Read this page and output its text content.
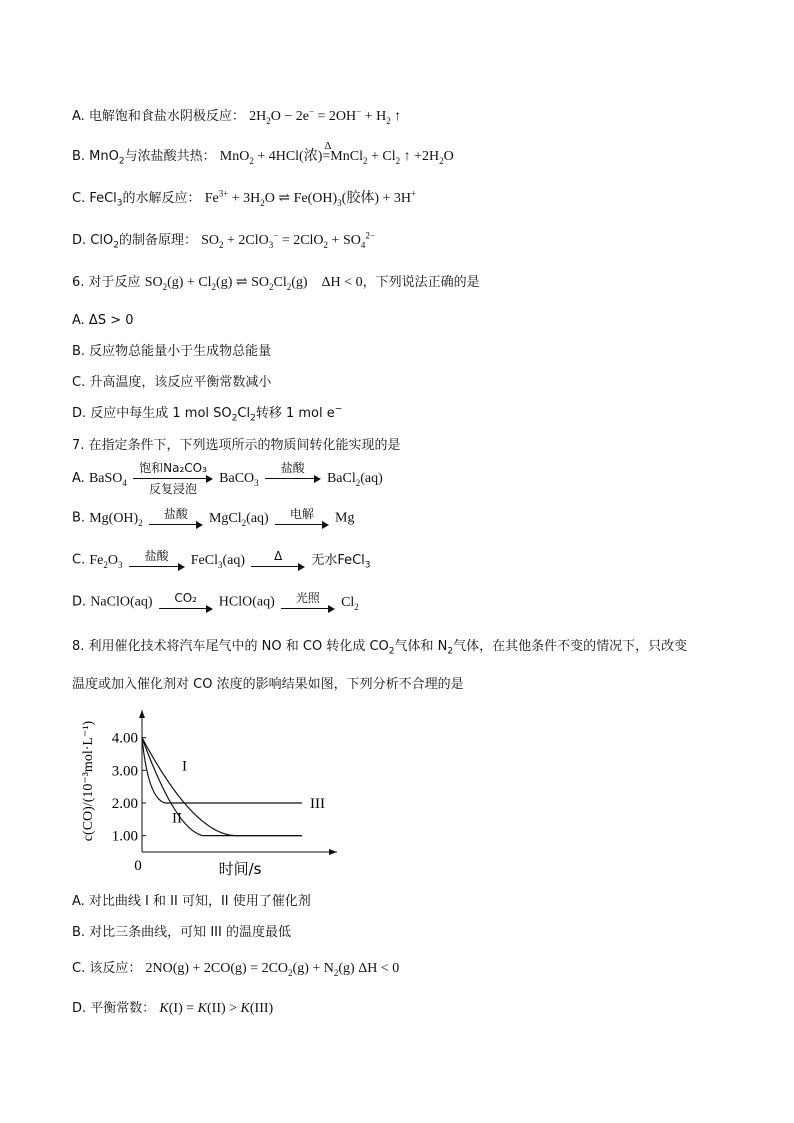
A. 电解饱和食盐水阴极反应： $2H_2O - 2e^- = 2OH^- + H_2$ ↑
B. MnO$_2$与浓盐酸共热： MnO$_2$ + 4HCl(浓)
Δ
=MnCl$_2$ + $Cl_2$ ↑ $+2H_2O$
C. FeCl$_3$的水解反应： $Fe^{3+} + 3H_2O$ ⇌ $Fe(OH)_3$(胶体) + 3H+
D. ClO$_2$的制备原理： $SO_2 + 2ClO_3^- = 2ClO_2 + SO_4^{2-}$
6. 对于反应 $SO_2(g) + Cl_2(g)$ ⇌ $SO_2Cl_2(g)$    ΔH < 0，下列说法正确的是
A. ΔS > 0
B. 反应物总能量小于生成物总能量
C. 升高温度，该反应平衡常数减小
D. 反应中每生成 1 mol $SO_2Cl_2$转移 1 mol e−
7. 在指定条件下，下列选项所示的物质间转化能实现的是
A. BaSO$_4$
饱和Na₂CO₃
反复浸泡
BaCO$_3$
盐酸

BaCl$_2$(aq)
B. $Mg(OH)_2$
盐酸	MgCl$_2$(aq)	电解	Mg
C. $Fe_2O_3$
盐酸	FeCl$_3$(aq)	Δ	无水FeCl$_3$
D. NaClO(aq)	CO₂	HClO(aq)	光照	$Cl_2$
8. 利用催化技术将汽车尾气中的 NO 和 CO 转化成 $CO_2$气体和 $N_2$气体，在其他条件不变的情况下，只改变
温度或加入催化剂对 CO 浓度的影响结果如图，下列分析不合理的是
4.00
3.00
2.00
1.00
0	时间/s
c(CO)/(10⁻³mol·L⁻¹)	I
II
III
A. 对比曲线 I 和 II 可知，II 使用了催化剂
B. 对比三条曲线，可知 III 的温度最低
C. 该反应： $2NO(g) + 2CO(g) = 2CO_2(g) + N_2(g) \Delta H < 0$
D. 平衡常数： K(I) = K(II) > K(III)
